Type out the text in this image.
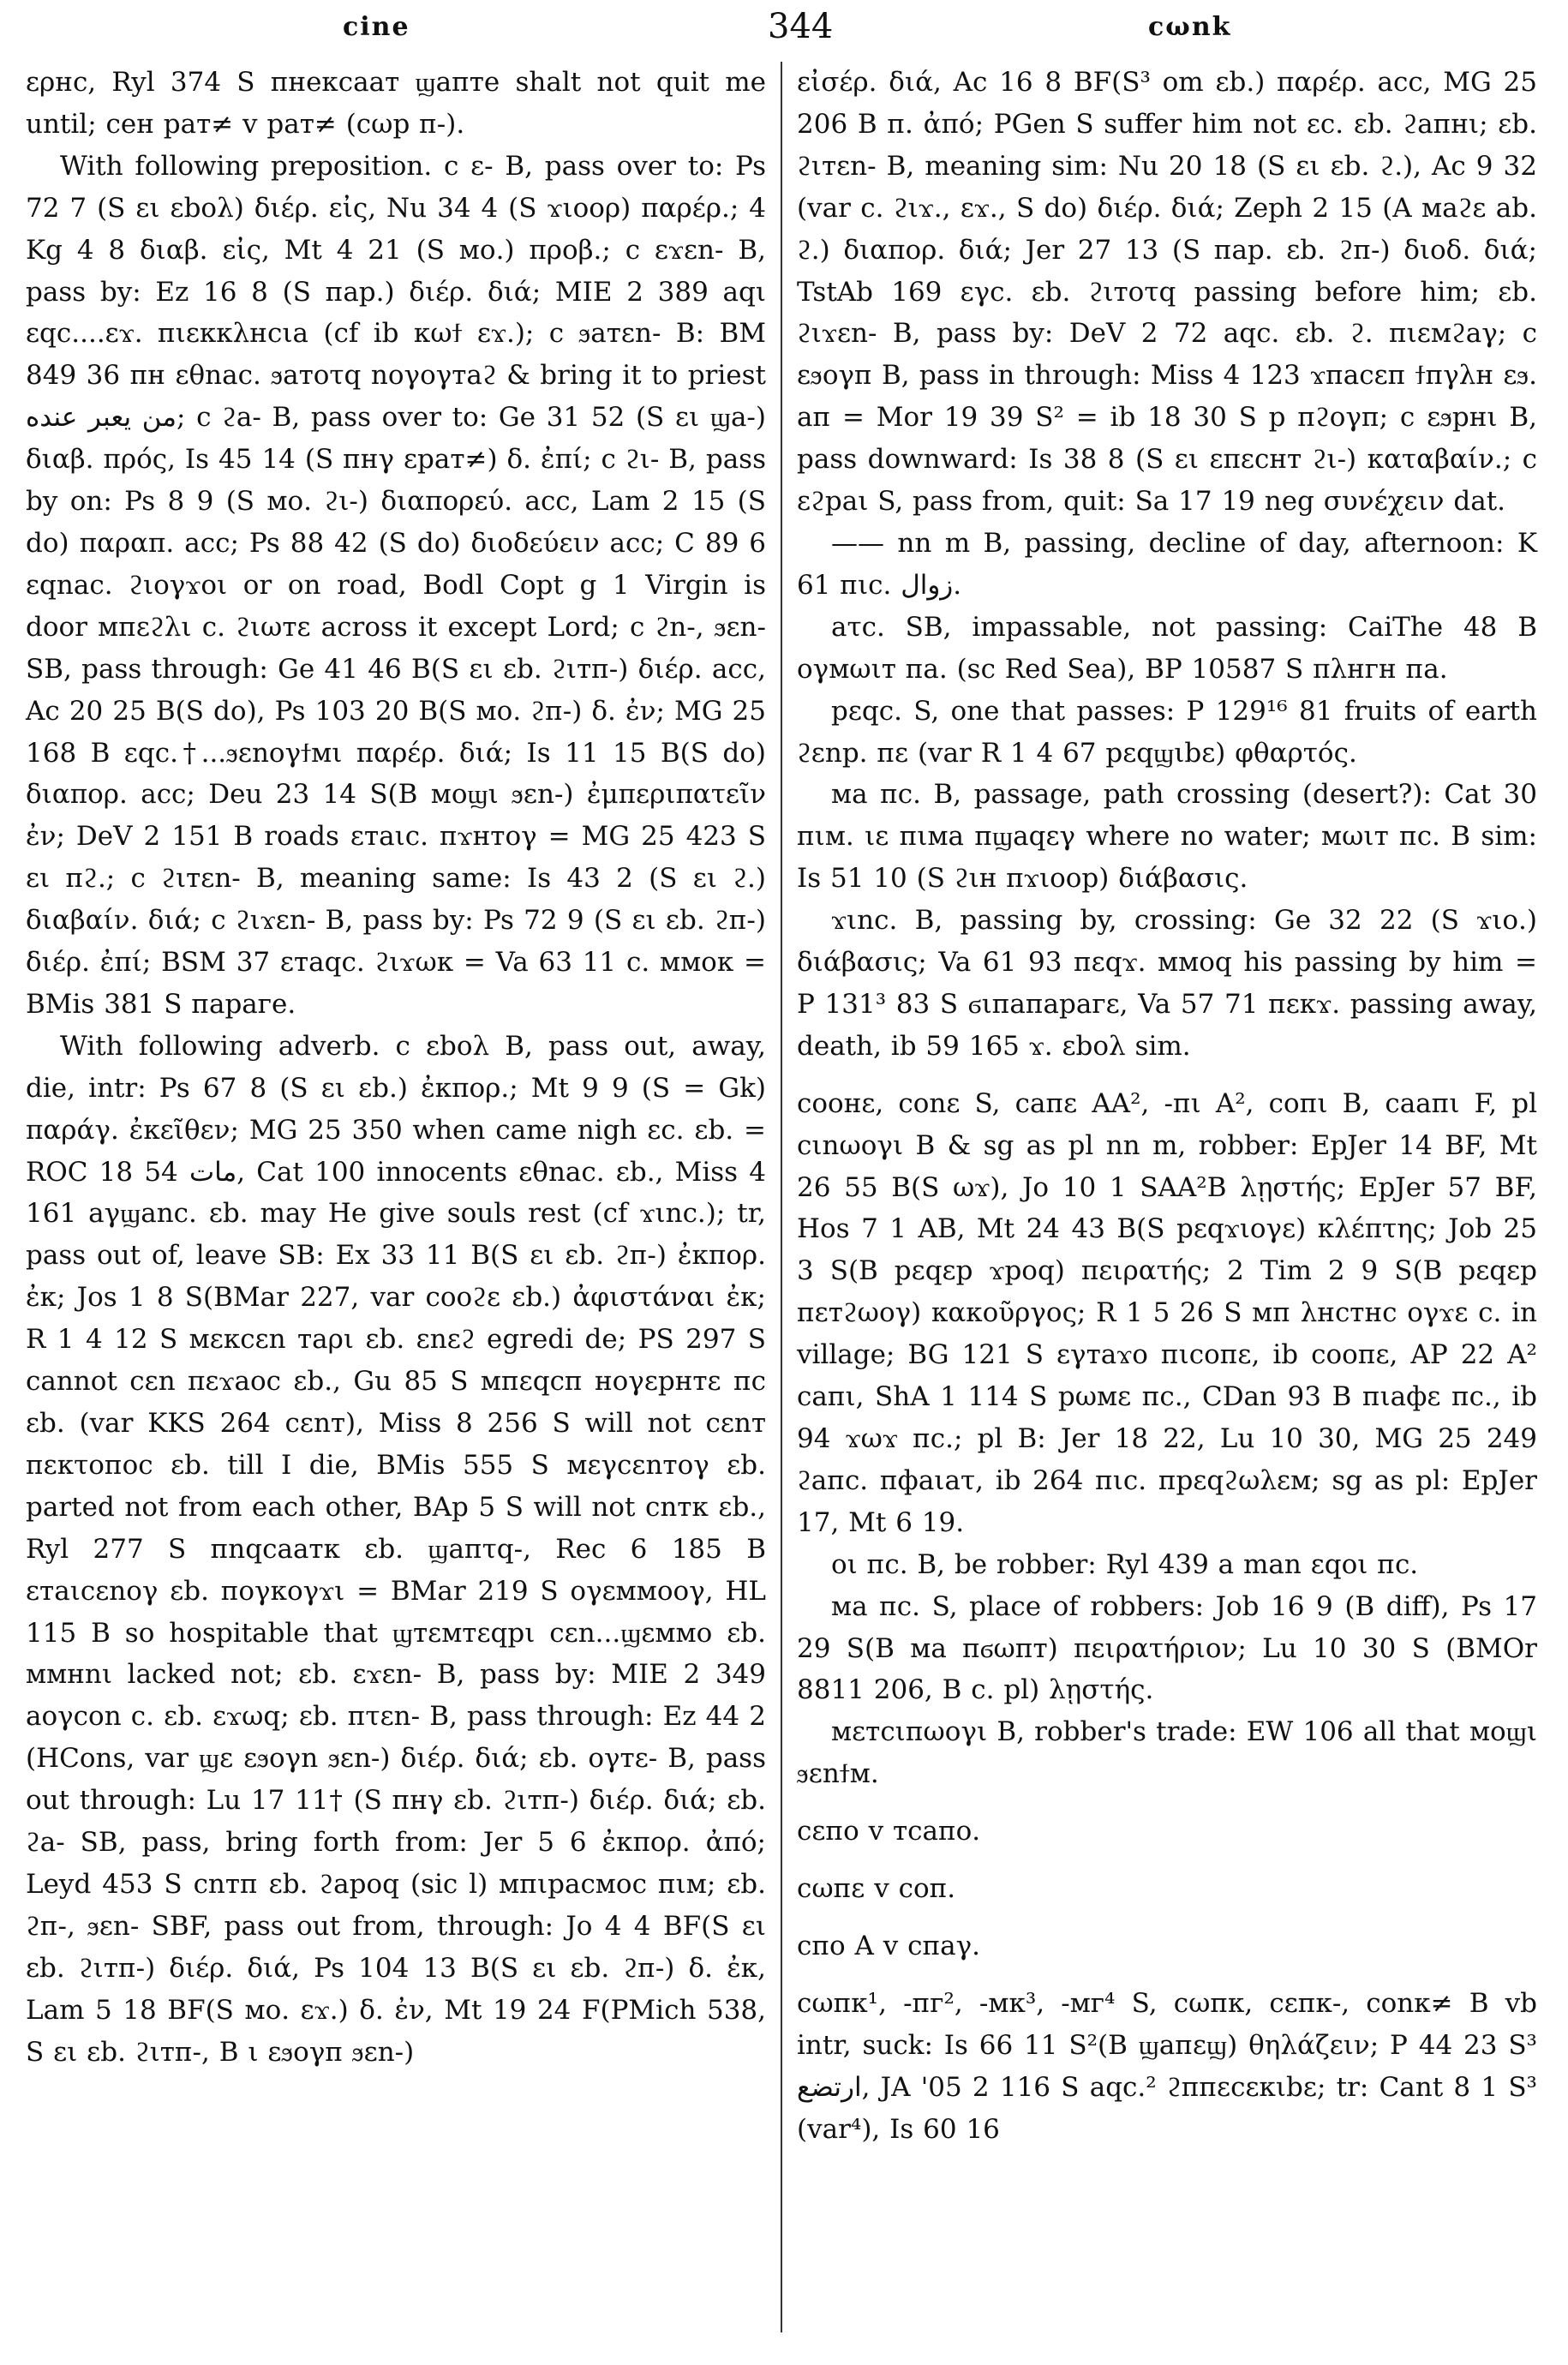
cine	344	cωnk

ερнc, Ryl 374 S пнeкcаат ϣапте shalt not quit me until; сен рат≠ v рат≠ (сωр п-).

With following preposition. c ε- B, pass over to: Ps 72 7 (S ει εboλ) διέρ. εἰς, Nu 34 4 (S ϫιοορ) παρέρ.; 4 Kg 4 8 διαβ. εἰς, Mt 4 21 (S мо.) προβ.; c εϫεn- B, pass by: Ez 16 8 (S пар.) διέρ. διά; MIE 2 389 аqι εqc....εϫ. пιεκκλнcιа (cf ib κωϯ εϫ.); c ϧатεn- B: BM 849 36 пн εθnаc. ϧатοτq nογογтаϩ & bring it to priest من يعبر عنده; c ϩа- B, pass over to: Ge 31 52 (S ει ϣа-) διαβ. πρός, Is 45 14 (S пнγ εрат≠) δ. ἐπί; c ϩι- B, pass by on: Ps 8 9 (S мо. ϩι-) διαπορεύ. acc, Lam 2 15 (S do) παραπ. acc; Ps 88 42 (S do) διοδεύειν acc; C 89 6 εqnаc. ϩιογϫοι or on road, Bodl Copt g 1 Virgin is door мпεϩλι c. ϩιωтε across it except Lord; c ϩn-, ϧεn- SB, pass through: Ge 41 46 B(S ει εb. ϩιтп-) διέρ. acc, Ac 20 25 B(S do), Ps 103 20 B(S мо. ϩп-) δ. ἐν; MG 25 168 B εqc.†...ϧεnογϯмι παρέρ. διά; Is 11 15 B(S do) διαπορ. acc; Deu 23 14 S(B мοϣι ϧεn-) ἐμπεριπατεῖν ἐν; DeV 2 151 B roads εтаιc. пϫнтоγ = MG 25 423 S ει пϩ.; c ϩιтεn- B, meaning same: Is 43 2 (S ει ϩ.) διαβαίν. διά; c ϩιϫεn- B, pass by: Ps 72 9 (S ει εb. ϩп-) διέρ. ἐπί; BSM 37 εтаqc. ϩιϫωκ = Va 63 11 c. ммок = BMis 381 S параге.

With following adverb. c εboλ B, pass out, away, die, intr: Ps 67 8 (S ει εb.) ἐκπορ.; Mt 9 9 (S = Gk) παράγ. ἐκεῖθεν; MG 25 350 when came nigh εc. εb. = ROC 18 54 مات, Cat 100 innocents εθnаc. εb., Miss 4 161 аγϣаnc. εb. may He give souls rest (cf ϫιnc.); tr, pass out of, leave SB: Ex 33 11 B(S ει εb. ϩп-) ἐκπορ. ἐκ; Jos 1 8 S(BMar 227, var cooϩε εb.) ἀφιστάναι ἐκ; R 1 4 12 S мεκcεn таρι εb. εnεϩ egredi de; PS 297 S cannot cεn πεϫаоc εb., Gu 85 S мпεqcп ноγεрнтε пс εb. (var KKS 264 cεnт), Miss 8 256 S will not cεnт пεкτοпοc εb. till I die, BMis 555 S мεγcεnтоγ εb. parted not from each other, BAp 5 S will not cnтк εb., Ryl 277 S пnqcаатк εb. ϣапτq-, Rec 6 185 B εтаιcεnoγ εb. поγкоγϫι = BMar 219 S оγεммооγ, HL 115 B so hospitable that ϣтεмтεqрι cεn...ϣεммо εb. ммнnι lacked not; εb. εϫεn- B, pass by: MIE 2 349 аоγcon c. εb. εϫωq; εb. пτεn- B, pass through: Ez 44 2 (HCons, var ϣε εϧογn ϧεn-) διέρ. διά; εb. оγтε- B, pass out through: Lu 17 11† (S пнγ εb. ϩιтп-) διέρ. διά; εb. ϩа- SB, pass, bring forth from: Jer 5 6 ἐκπορ. ἀπό; Leyd 453 S cnтп εb. ϩароq (sic l) мпιрасмоc пιм; εb. ϩп-, ϧεn- SBF, pass out from, through: Jo 4 4 BF(S ει εb. ϩιтп-) διέρ. διά, Ps 104 13 B(S ει εb. ϩп-) δ. ἐκ, Lam 5 18 BF(S мо. εϫ.) δ. ἐν, Mt 19 24 F(PMich 538, S ει εb. ϩιтп-, B ι εϧογп ϧεn-)

εἰσέρ. διά, Ac 16 8 BF(S³ om εb.) παρέρ. acc, MG 25 206 B п. ἀπό; PGen S suffer him not εc. εb. ϩапнι; εb. ϩιтεn- B, meaning sim: Nu 20 18 (S ει εb. ϩ.), Ac 9 32 (var c. ϩιϫ., εϫ., S do) διέρ. διά; Zeph 2 15 (A маϩε аb. ϩ.) διαπορ. διά; Jer 27 13 (S пар. εb. ϩп-) διοδ. διά; TstAb 169 εγc. εb. ϩιтоτq passing before him; εb. ϩιϫεn- B, pass by: DeV 2 72 аqc. εb. ϩ. пιεмϩаγ; c εϧογп B, pass in through: Miss 4 123 ϫпаcεп ϯпγλн εϧ. ап = Mor 19 39 S² = ib 18 30 S р пϩоγп; c εϧрнι B, pass downward: Is 38 8 (S ει επεcнт ϩι-) καταβαίν.; c εϩраι S, pass from, quit: Sa 17 19 neg συνέχειν dat.

—— nn m B, passing, decline of day, afternoon: K 61 пιc. زوال.

аτc. SB, impassable, not passing: CaiThe 48 B оγмωιт па. (sc Red Sea), BP 10587 S πλнгн па.

рεqc. S, one that passes: P 129¹⁶ 81 fruits of earth ϩεnр. пε (var R 1 4 67 рεqϣιbε) φθαρτός.

ма пc. B, passage, path crossing (desert?): Cat 30 пιм. ιε пιма пϣаqεγ where no water; мωιт пc. B sim: Is 51 10 (S ϩιн пϫιоор) διάβασις.

ϫιnc. B, passing by, crossing: Ge 32 22 (S ϫιо.) διάβασις; Va 61 93 пεqϫ. ммоq his passing by him = P 131³ 83 S ϭιпапарагε, Va 57 71 пεκϫ. passing away, death, ib 59 165 ϫ. εboλ sim.

cooнε, conε S, cапε AA², -пι A², coпι B, саапι F, pl cιnωογι B & sg as pl nn m, robber: EpJer 14 BF, Mt 26 55 B(S ωϫ), Jo 10 1 SAA²B λῃστής; EpJer 57 BF, Hos 7 1 AB, Mt 24 43 B(S рεqϫιογε) κλέπτης; Job 25 3 S(B рεqεр ϫроq) πειρατής; 2 Tim 2 9 S(B рεqεр пεтϩωογ) κακοῦργος; R 1 5 26 S мп λнcтнc оγϫε c. in village; BG 121 S εγтаϫο пιcoпε, ib cooпε, AP 22 A² сапι, ShA 1 114 S рωмε пc., CDan 93 B пιафε пc., ib 94 ϫωϫ пc.; pl B: Jer 18 22, Lu 10 30, MG 25 249 ϩапc. пфаιаτ, ib 264 пιc. прεqϩωλεм; sg as pl: EpJer 17, Mt 6 19.

οι пc. B, be robber: Ryl 439 a man εqοι пc.

ма пc. S, place of robbers: Job 16 9 (B diff), Ps 17 29 S(B ма пϭωпт) πειρατήριον; Lu 10 30 S (BMOr 8811 206, B c. pl) λῃστής.

мεтcιпωογι B, robber's trade: EW 106 all that мοϣι ϧεnϯм.

cεпо v тcапо.

cωпε v соп.

cпо A v cпаγ.

cωпк¹, -пг², -мк³, -мг⁴ S, cωпк, cεпк-, conк≠ B vb intr, suck: Is 66 11 S²(B ϣапεϣ) θηλάζειν; P 44 23 S³ ارتضع, JA '05 2 116 S аqc.² ϩппεcεкιbε; tr: Cant 8 1 S³ (var⁴), Is 60 16
